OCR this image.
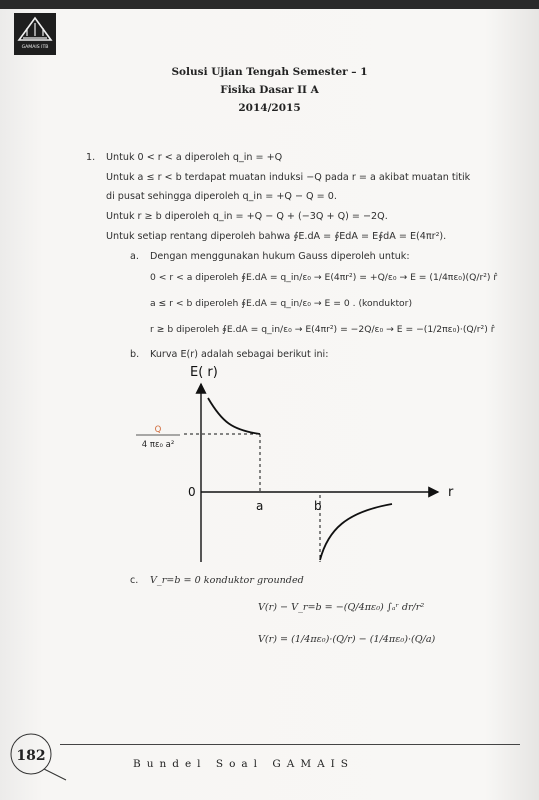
GAMAIS ITB
Solusi Ujian Tengah Semester – 1
Fisika Dasar II A
2014/2015
1. Untuk 0 < r < a diperoleh q_in = +Q
Untuk a ≤ r < b terdapat muatan induksi −Q pada r = a akibat muatan titik
di pusat sehingga diperoleh q_in = +Q − Q = 0.
Untuk r ≥ b diperoleh q_in = +Q − Q + (−3Q + Q) = −2Q.
Untuk setiap rentang diperoleh bahwa ∮E.dA = ∮EdA = E∮dA = E(4πr²).
a. Dengan menggunakan hukum Gauss diperoleh untuk:
0 < r < a diperoleh ∮E.dA = q_in/ε₀ → E(4πr²) = +Q/ε₀ → E = (1/4πε₀)(Q/r²) r̂
a ≤ r < b diperoleh ∮E.dA = q_in/ε₀ → E = 0 . (konduktor)
r ≥ b diperoleh ∮E.dA = q_in/ε₀ → E(4πr²) = −2Q/ε₀ → E = −(1/2πε₀)·(Q/r²) r̂
b. Kurva E(r) adalah sebagai berikut ini:
E( r)
r
0
a	b
Q
4 πε₀ a²
c. V_r=b = 0 konduktor grounded
V(r) − V_r=b = −(Q/4πε₀) ∫ₐʳ dr/r²
V(r) = (1/4πε₀)·(Q/r) − (1/4πε₀)·(Q/a)
182	Bundel Soal GAMAIS
